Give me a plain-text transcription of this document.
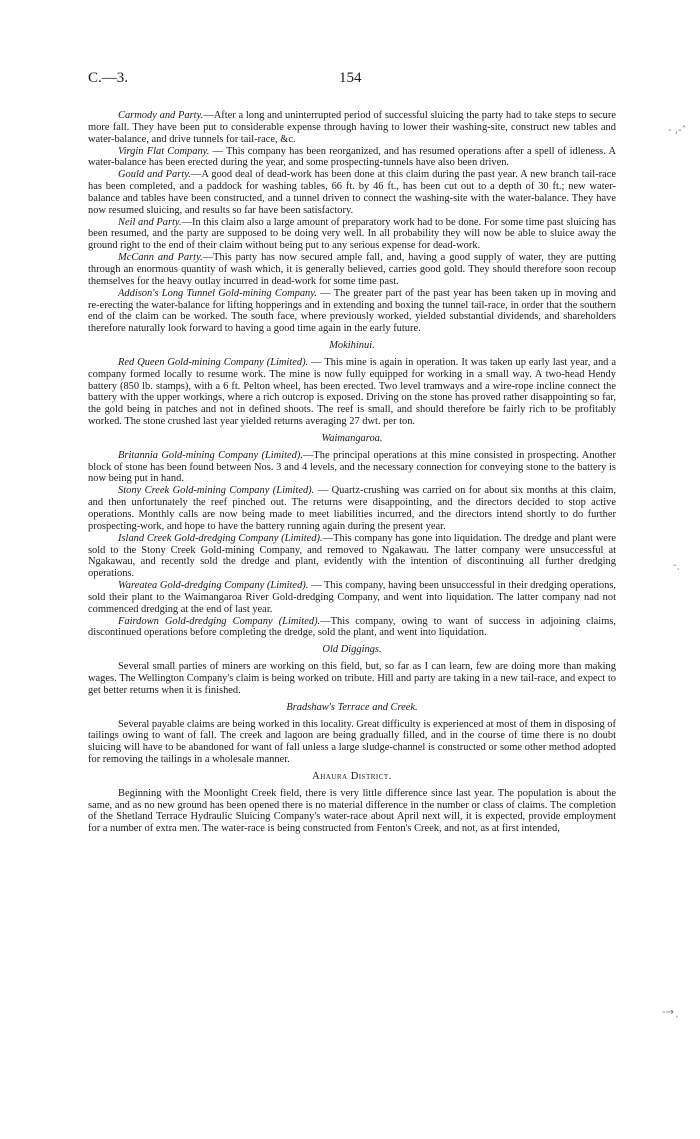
C.—3.	154
- ,-˄
-˯
-→ˏ

Carmody and Party.—After a long and uninterrupted period of successful sluicing the party had to take steps to secure more fall. They have been put to considerable expense through having to lower their washing-site, construct new tables and water-balance, and drive tunnels for tail-race, &c.

Virgin Flat Company. — This company has been reorganized, and has resumed operations after a spell of idleness. A water-balance has been erected during the year, and some prospecting-tunnels have also been driven.

Gould and Party.—A good deal of dead-work has been done at this claim during the past year. A new branch tail-race has been completed, and a paddock for washing tables, 66 ft. by 46 ft., has been cut out to a depth of 30 ft.; new water-balance and tables have been constructed, and a tunnel driven to connect the washing-site with the water-balance. They have now resumed sluicing, and results so far have been satisfactory.

Neil and Party.—In this claim also a large amount of preparatory work had to be done. For some time past sluicing has been resumed, and the party are supposed to be doing very well. In all probability they will now be able to sluice away the ground right to the end of their claim without being put to any serious expense for dead-work.

McCann and Party.—This party has now secured ample fall, and, having a good supply of water, they are putting through an enormous quantity of wash which, it is generally believed, carries good gold. They should therefore soon recoup themselves for the heavy outlay incurred in dead-work for some time past.

Addison's Long Tunnel Gold-mining Company. — The greater part of the past year has been taken up in moving and re-erecting the water-balance for lifting hopperings and in extending and boxing the tunnel tail-race, in order that the southern end of the claim can be worked. The south face, where previously worked, yielded substantial dividends, and shareholders therefore naturally look forward to having a good time again in the early future.

Mokihinui.

Red Queen Gold-mining Company (Limited). — This mine is again in operation. It was taken up early last year, and a company formed locally to resume work. The mine is now fully equipped for working in a small way. A two-head Hendy battery (850 lb. stamps), with a 6 ft. Pelton wheel, has been erected. Two level tramways and a wire-rope incline connect the battery with the upper workings, where a rich outcrop is exposed. Driving on the stone has proved rather disappointing so far, the gold being in patches and not in defined shoots. The reef is small, and should therefore be fairly rich to be profitably worked. The stone crushed last year yielded returns averaging 27 dwt. per ton.

Waimangaroa.

Britannia Gold-mining Company (Limited).—The principal operations at this mine consisted in prospecting. Another block of stone has been found between Nos. 3 and 4 levels, and the necessary connection for conveying stone to the battery is now being put in hand.

Stony Creek Gold-mining Company (Limited). — Quartz-crushing was carried on for about six months at this claim, and then unfortunately the reef pinched out. The returns were disappointing, and the directors decided to stop active operations. Monthly calls are now being made to meet liabilities incurred, and the directors intend shortly to do further prospecting-work, and hope to have the battery running again during the present year.

Island Creek Gold-dredging Company (Limited).—This company has gone into liquidation. The dredge and plant were sold to the Stony Creek Gold-mining Company, and removed to Ngakawau. The latter company were unsuccessful at Ngakawau, and recently sold the dredge and plant, evidently with the intention of discontinuing all further dredging operations.

Wareatea Gold-dredging Company (Limited). — This company, having been unsuccessful in their dredging operations, sold their plant to the Waimangaroa River Gold-dredging Company, and went into liquidation. The latter company nad not commenced dredging at the end of last year.

Fairdown Gold-dredging Company (Limited).—This company, owing to want of success in adjoining claims, discontinued operations before completing the dredge, sold the plant, and went into liquidation.

Old Diggings.

Several small parties of miners are working on this field, but, so far as I can learn, few are doing more than making wages. The Wellington Company's claim is being worked on tribute. Hill and party are taking in a new tail-race, and expect to get better returns when it is finished.

Bradshaw's Terrace and Creek.

Several payable claims are being worked in this locality. Great difficulty is experienced at most of them in disposing of tailings owing to want of fall. The creek and lagoon are being gradually filled, and in the course of time there is no doubt sluicing will have to be abandoned for want of fall unless a large sludge-channel is constructed or some other method adopted for removing the tailings in a wholesale manner.

Ahaura District.

Beginning with the Moonlight Creek field, there is very little difference since last year. The population is about the same, and as no new ground has been opened there is no material difference in the number or class of claims. The completion of the Shetland Terrace Hydraulic Sluicing Company's water-race about April next will, it is expected, provide employment for a number of extra men. The water-race is being constructed from Fenton's Creek, and not, as at first intended,
